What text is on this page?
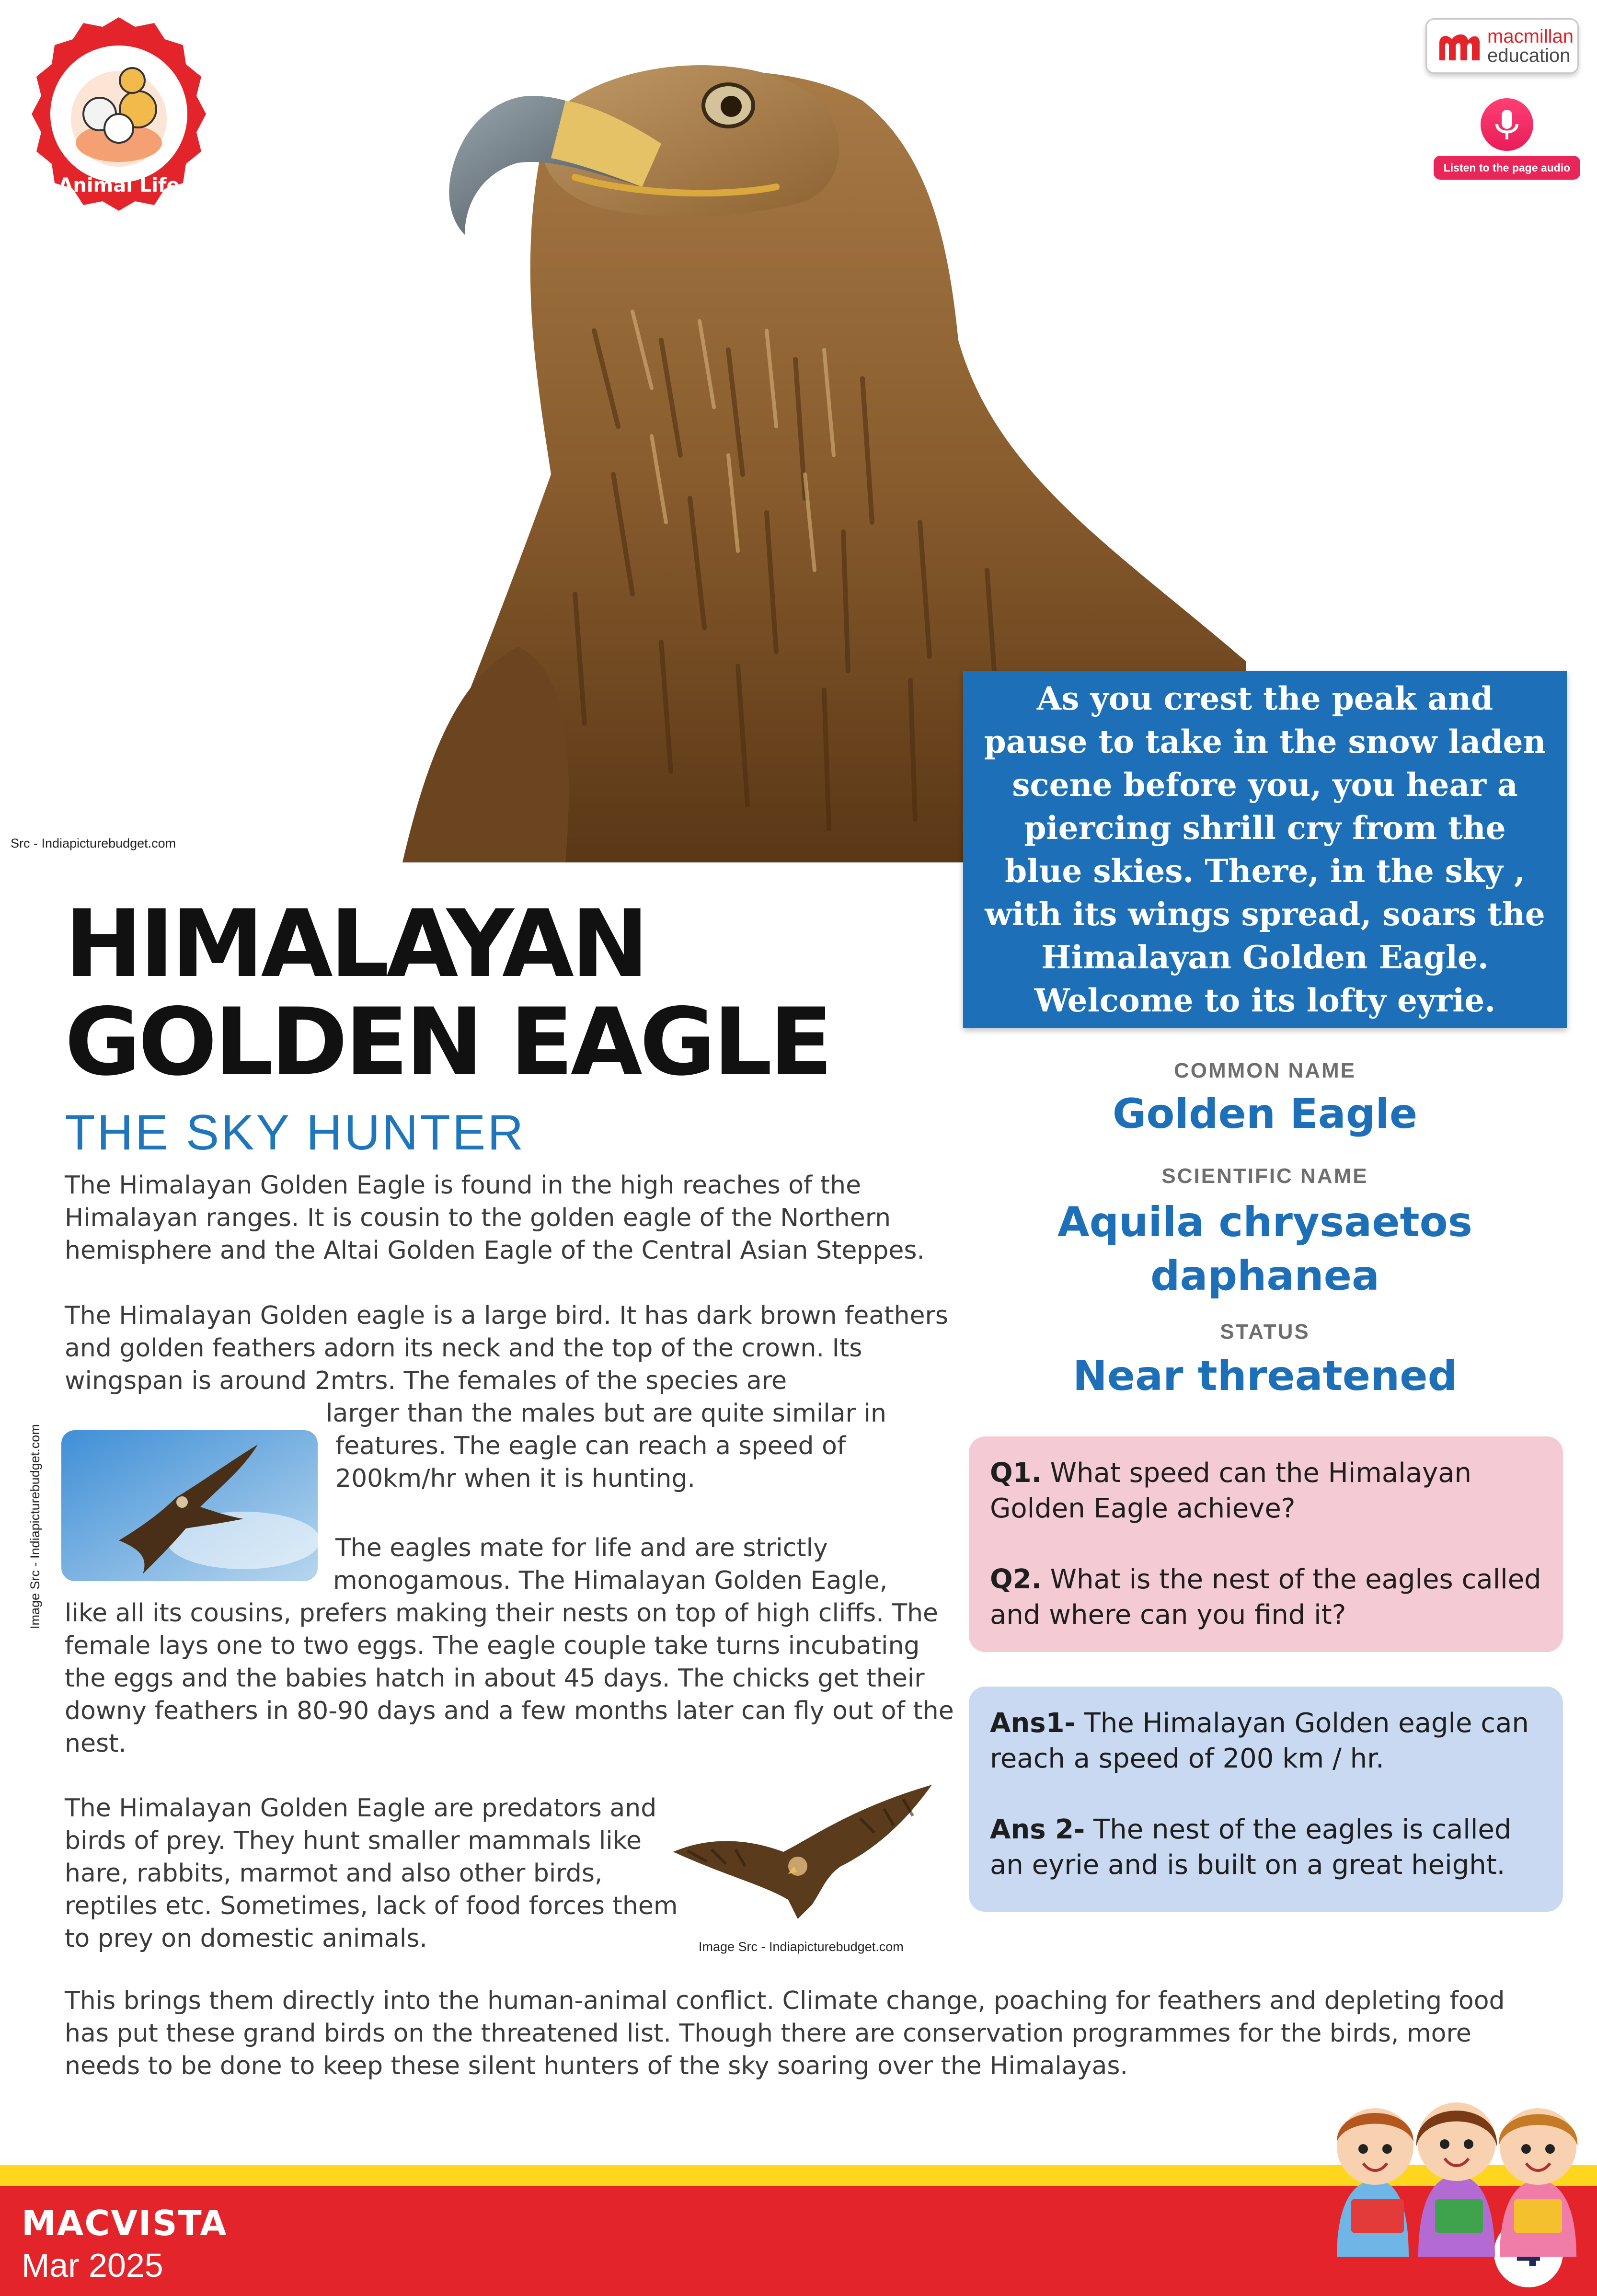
Src - Indiapicturebudget.com
Animal Life
macmillan
education
Listen to the page audio
As you crest the peak and pause to take in the snow laden scene before you, you hear a piercing shrill cry from the blue skies. There, in the sky , with its wings spread, soars the Himalayan Golden Eagle. Welcome to its lofty eyrie.
HIMALAYAN
GOLDEN EAGLE
THE SKY HUNTER
The Himalayan Golden Eagle is found in the high reaches of the Himalayan ranges. It is cousin to the golden eagle of the Northern hemisphere and the Altai Golden Eagle of the Central Asian Steppes.
The Himalayan Golden eagle is a large bird. It has dark brown feathers and golden feathers adorn its neck and the top of the crown. Its wingspan is around 2mtrs. The females of the species are
larger than the males but are quite similar in
features. The eagle can reach a speed of
200km/hr when it is hunting.
The eagles mate for life and are strictly
monogamous. The Himalayan Golden Eagle,
like all its cousins, prefers making their nests on top of high cliffs. The female lays one to two eggs. The eagle couple take turns incubating the eggs and the babies hatch in about 45 days. The chicks get their downy feathers in 80-90 days and a few months later can fly out of the nest.
The Himalayan Golden Eagle are predators and birds of prey. They hunt smaller mammals like hare, rabbits, marmot and also other birds, reptiles etc. Sometimes, lack of food forces them to prey on domestic animals.
This brings them directly into the human-animal conflict. Climate change, poaching for feathers and depleting food has put these grand birds on the threatened list. Though there are conservation programmes for the birds, more needs to be done to keep these silent hunters of the sky soaring over the Himalayas.
Image Src - Indiapicturebudget.com
Image Src - Indiapicturebudget.com
COMMON NAME
Golden Eagle
SCIENTIFIC NAME
Aquila chrysaetos
daphanea
STATUS
Near threatened
Q1. What speed can the Himalayan Golden Eagle achieve?
Q2. What is the nest of the eagles called and where can you find it?
Ans1- The Himalayan Golden eagle can reach a speed of 200 km / hr.
Ans 2- The nest of the eagles is called an eyrie and is built on a great height.
MACVISTA
Mar 2025
